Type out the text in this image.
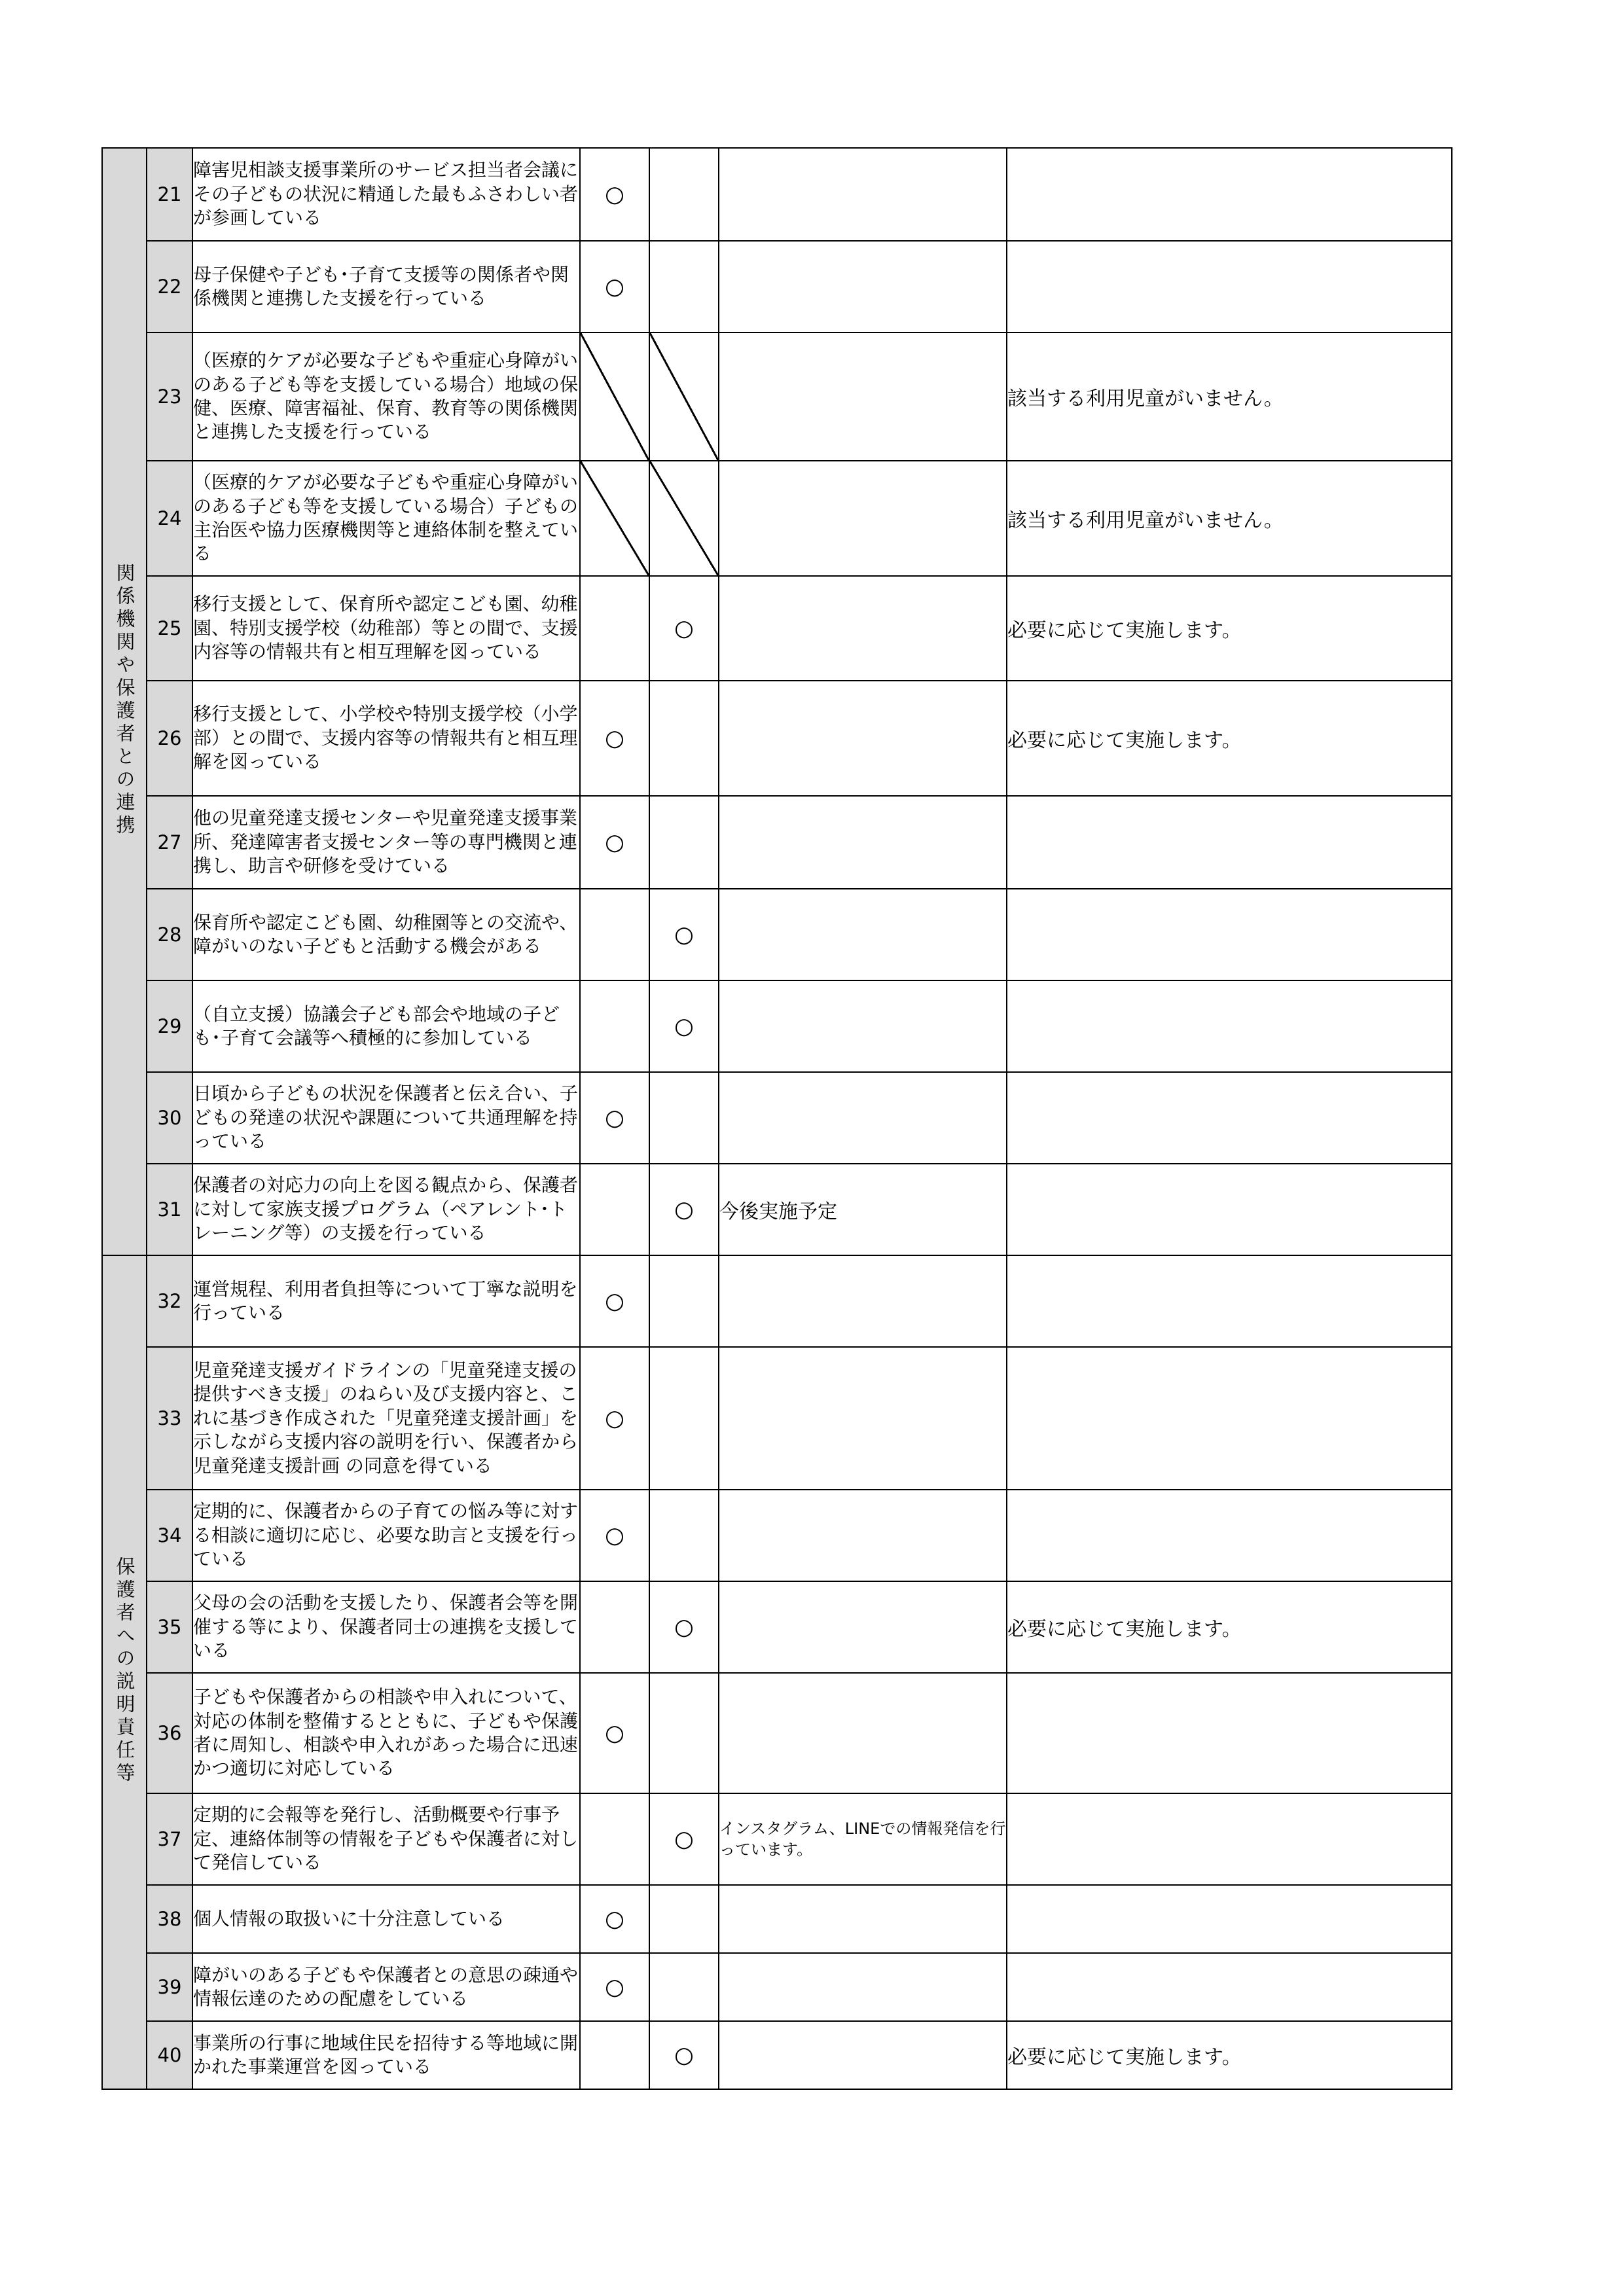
関係機関や保護者との連携	21	障害児相談支援事業所のサービス担当者会議にその子どもの状況に精通した最もふさわしい者が参画している	○			
	22	母子保健や子ども･子育て支援等の関係者や関係機関と連携した支援を行っている	○			
	23	（医療的ケアが必要な子どもや重症心身障がいのある子ども等を支援している場合）地域の保健、医療、障害福祉、保育、教育等の関係機関と連携した支援を行っている				該当する利用児童がいません。
	24	（医療的ケアが必要な子どもや重症心身障がいのある子ども等を支援している場合）子どもの主治医や協力医療機関等と連絡体制を整えている				該当する利用児童がいません。
	25	移行支援として、保育所や認定こども園、幼稚園、特別支援学校（幼稚部）等との間で、支援内容等の情報共有と相互理解を図っている		○		必要に応じて実施します。
	26	移行支援として、小学校や特別支援学校（小学部）との間で、支援内容等の情報共有と相互理解を図っている	○			必要に応じて実施します。
	27	他の児童発達支援センターや児童発達支援事業所、発達障害者支援センター等の専門機関と連携し、助言や研修を受けている	○			
	28	保育所や認定こども園、幼稚園等との交流や、障がいのない子どもと活動する機会がある		○		
	29	（自立支援）協議会子ども部会や地域の子ども･子育て会議等へ積極的に参加している		○		
	30	日頃から子どもの状況を保護者と伝え合い、子どもの発達の状況や課題について共通理解を持っている	○			
	31	保護者の対応力の向上を図る観点から、保護者に対して家族支援プログラム（ペアレント･トレーニング等）の支援を行っている		○	今後実施予定	
保護者への説明責任等	32	運営規程、利用者負担等について丁寧な説明を行っている	○			
	33	児童発達支援ガイドラインの「児童発達支援の提供すべき支援」のねらい及び支援内容と、これに基づき作成された「児童発達支援計画」を示しながら支援内容の説明を行い、保護者から児童発達支援計画 の同意を得ている	○			
	34	定期的に、保護者からの子育ての悩み等に対する相談に適切に応じ、必要な助言と支援を行っている	○			
	35	父母の会の活動を支援したり、保護者会等を開催する等により、保護者同士の連携を支援している		○		必要に応じて実施します。
	36	子どもや保護者からの相談や申入れについて、対応の体制を整備するとともに、子どもや保護者に周知し、相談や申入れがあった場合に迅速かつ適切に対応している	○			
	37	定期的に会報等を発行し、活動概要や行事予定、連絡体制等の情報を子どもや保護者に対して発信している		○	インスタグラム、LINEでの情報発信を行っています。	
	38	個人情報の取扱いに十分注意している	○			
	39	障がいのある子どもや保護者との意思の疎通や情報伝達のための配慮をしている	○			
	40	事業所の行事に地域住民を招待する等地域に開かれた事業運営を図っている		○		必要に応じて実施します。
